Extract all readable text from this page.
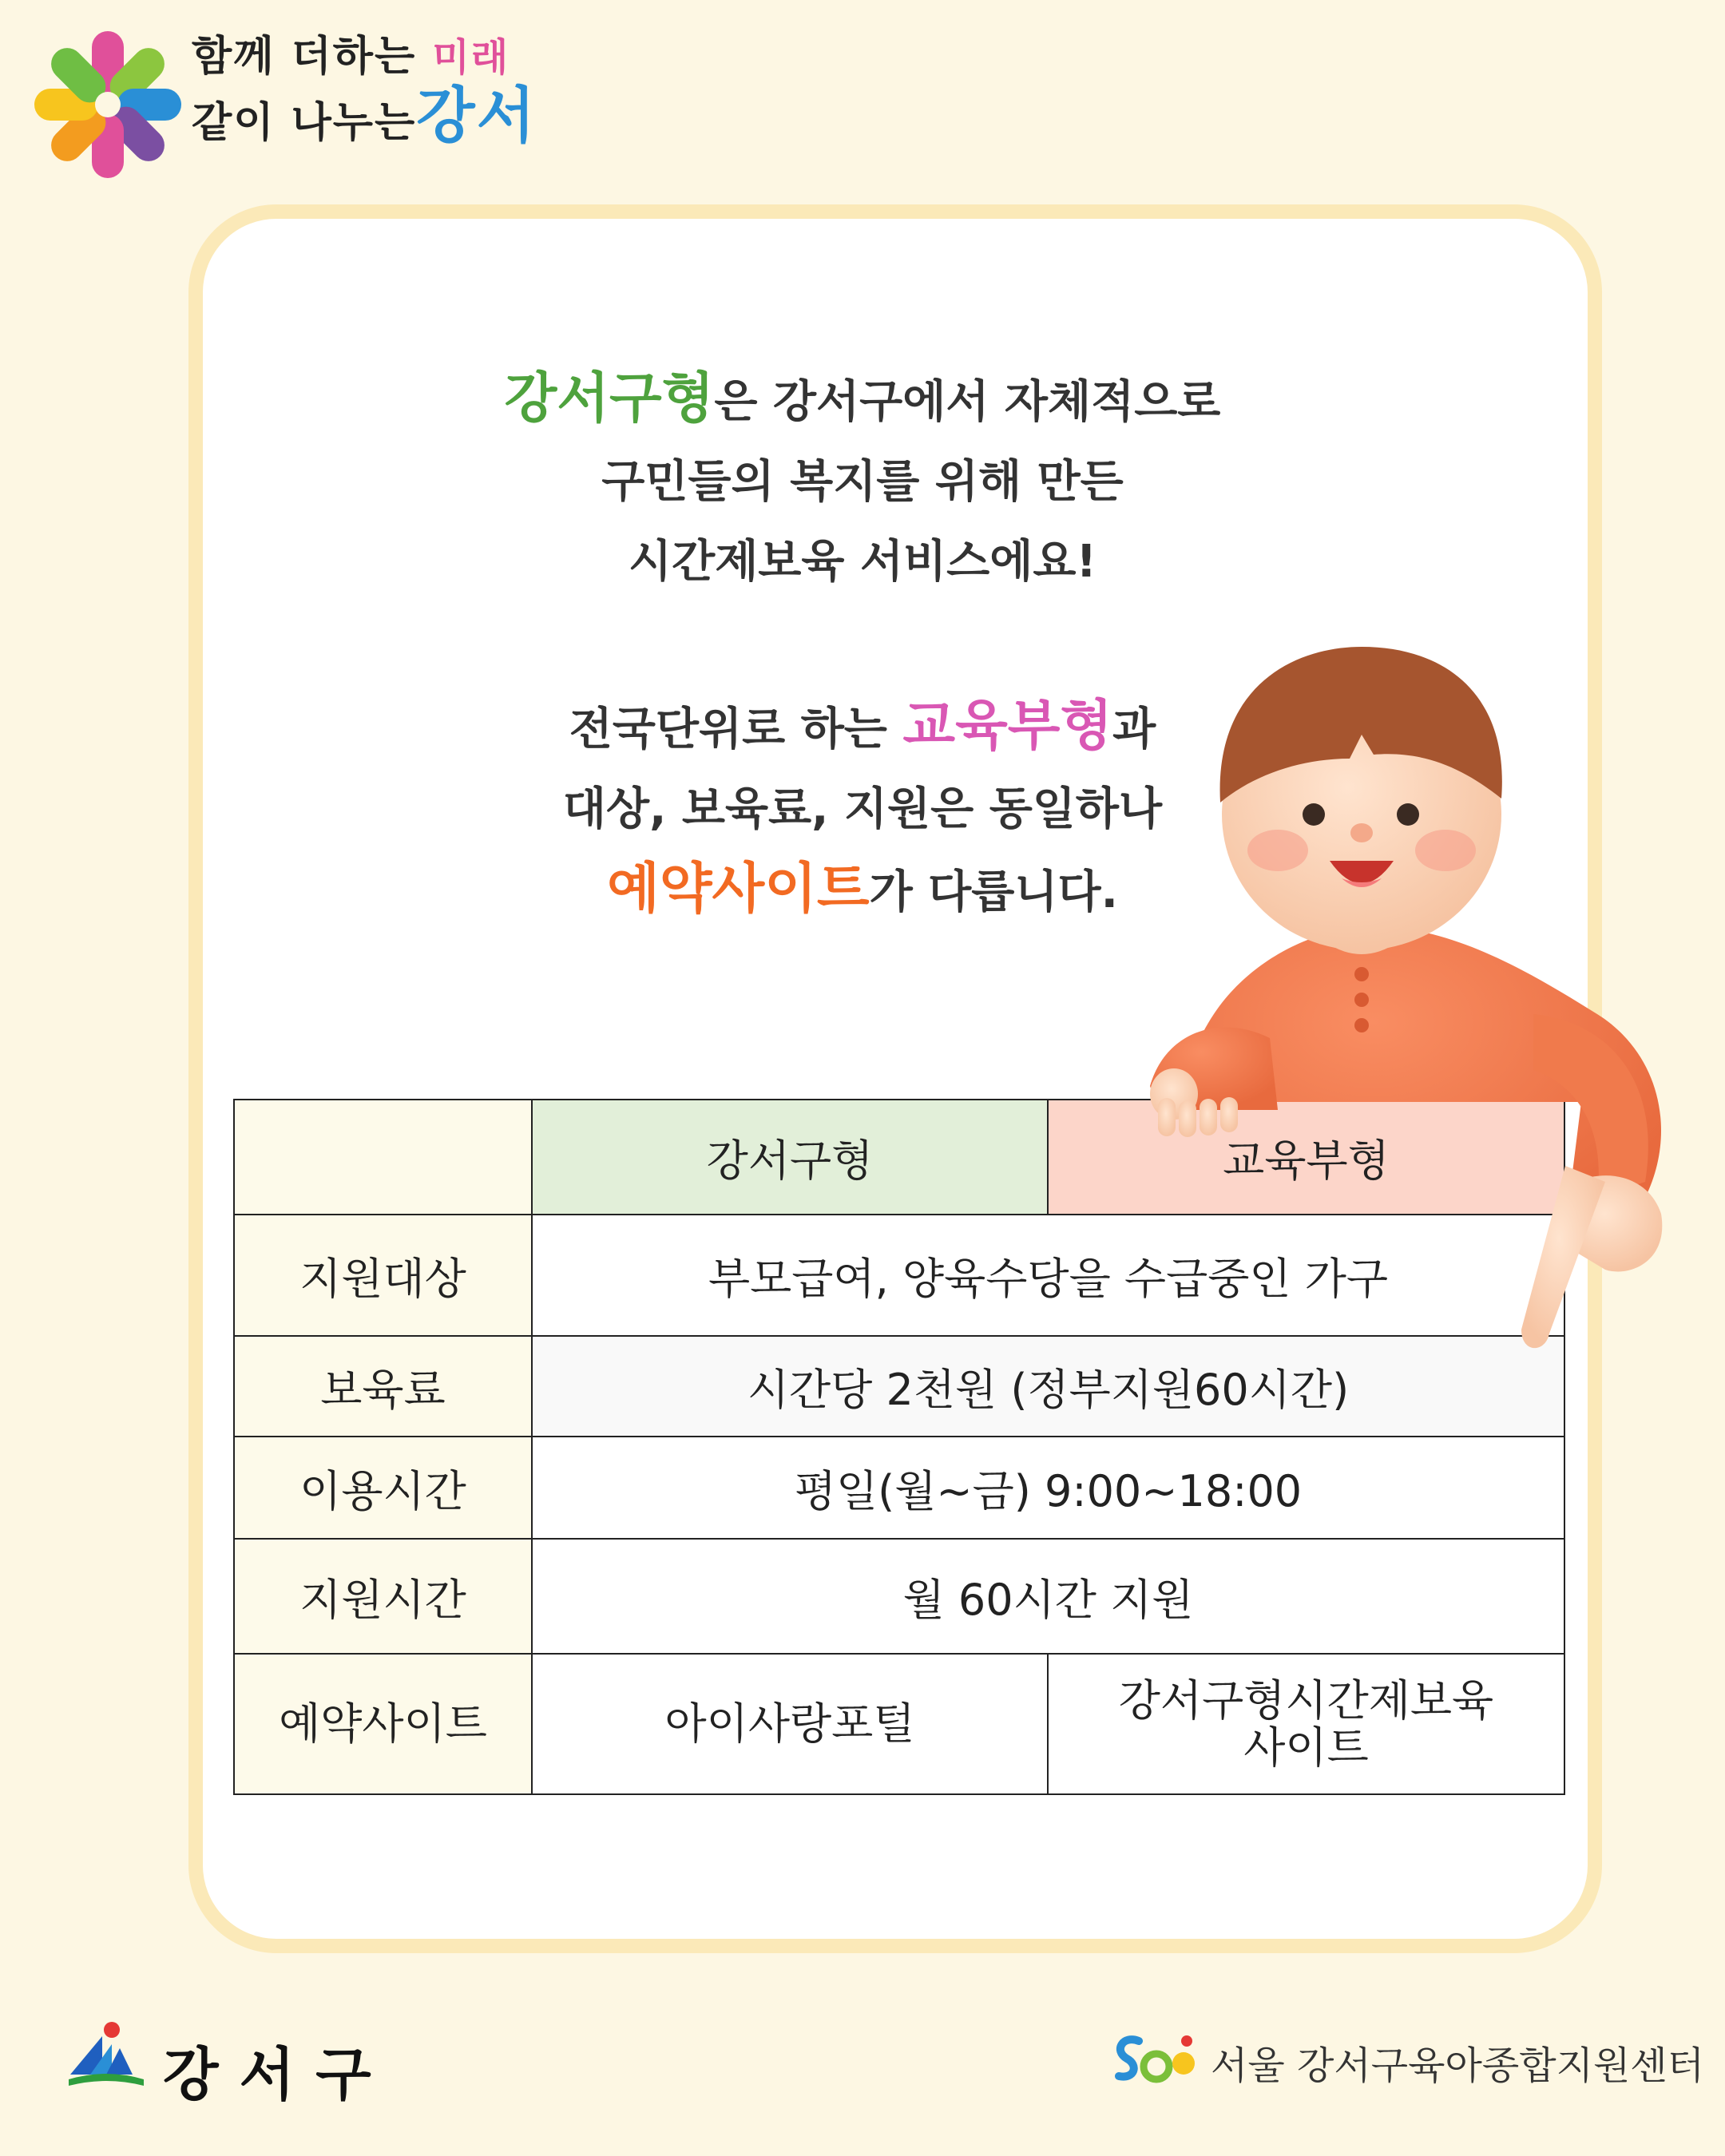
함께 더하는 미래
같이 나누는강서

강서구형은 강서구에서 자체적으로

구민들의 복지를 위해 만든

시간제보육 서비스에요!

전국단위로 하는 교육부형과

대상, 보육료, 지원은 동일하나

예약사이트가 다릅니다.

	강서구형	교육부형
지원대상	부모급여, 양육수당을 수급중인 가구	
보육료	시간당 2천원 (정부지원60시간)	
이용시간	평일(월~금) 9:00~18:00	
지원시간	월 60시간 지원	
예약사이트	아이사랑포털	강서구형시간제보육
사이트
강서구	서울 강서구육아종합지원센터
